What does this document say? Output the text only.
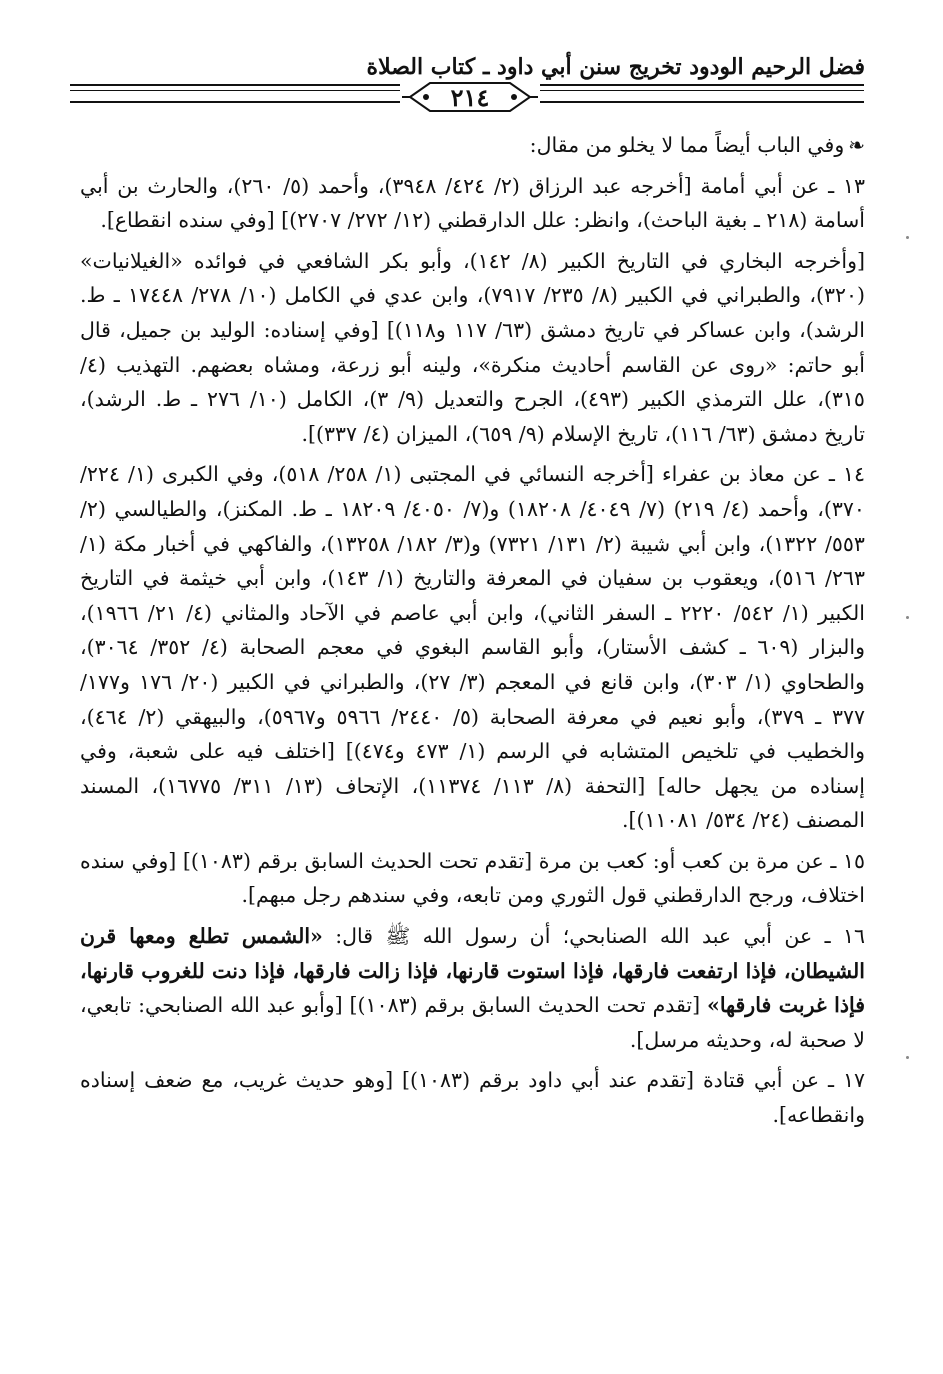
فضل الرحيم الودود تخريج سنن أبي داود ـ كتاب الصلاة
٢١٤

❧وفي الباب أيضاً مما لا يخلو من مقال:

١٣ ـ عن أبي أمامة [أخرجه عبد الرزاق (٢/ ٤٢٤/ ٣٩٤٨)، وأحمد (٥/ ٢٦٠)، والحارث بن أبي أسامة (٢١٨ ـ بغية الباحث)، وانظر: علل الدارقطني (١٢/ ٢٧٢/ ٢٧٠٧)] [وفي سنده انقطاع].

[وأخرجه البخاري في التاريخ الكبير (٨/ ١٤٢)، وأبو بكر الشافعي في فوائده «الغيلانيات» (٣٢٠)، والطبراني في الكبير (٨/ ٢٣٥/ ٧٩١٧)، وابن عدي في الكامل (١٠/ ٢٧٨/ ١٧٤٤٨ ـ ط. الرشد)، وابن عساكر في تاريخ دمشق (٦٣/ ١١٧ و١١٨)] [وفي إسناده: الوليد بن جميل، قال أبو حاتم: «روى عن القاسم أحاديث منكرة»، ولينه أبو زرعة، ومشاه بعضهم. التهذيب (٤/ ٣١٥)، علل الترمذي الكبير (٤٩٣)، الجرح والتعديل (٩/ ٣)، الكامل (١٠/ ٢٧٦ ـ ط. الرشد)، تاريخ دمشق (٦٣/ ١١٦)، تاريخ الإسلام (٩/ ٦٥٩)، الميزان (٤/ ٣٣٧)].

١٤ ـ عن معاذ بن عفراء [أخرجه النسائي في المجتبى (١/ ٢٥٨/ ٥١٨)، وفي الكبرى (١/ ٢٢٤/ ٣٧٠)، وأحمد (٤/ ٢١٩) (٧/ ٤٠٤٩/ ١٨٢٠٨) و(٧/ ٤٠٥٠/ ١٨٢٠٩ ـ ط. المكنز)، والطيالسي (٢/ ٥٥٣/ ١٣٢٢)، وابن أبي شيبة (٢/ ١٣١/ ٧٣٢١) و(٣/ ١٨٢/ ١٣٢٥٨)، والفاكهي في أخبار مكة (١/ ٢٦٣/ ٥١٦)، ويعقوب بن سفيان في المعرفة والتاريخ (١/ ١٤٣)، وابن أبي خيثمة في التاريخ الكبير (١/ ٥٤٢/ ٢٢٢٠ ـ السفر الثاني)، وابن أبي عاصم في الآحاد والمثاني (٤/ ٢١/ ١٩٦٦)، والبزار (٦٠٩ ـ كشف الأستار)، وأبو القاسم البغوي في معجم الصحابة (٤/ ٣٥٢/ ٣٠٦٤)، والطحاوي (١/ ٣٠٣)، وابن قانع في المعجم (٣/ ٢٧)، والطبراني في الكبير (٢٠/ ١٧٦ و١٧٧/ ٣٧٧ ـ ٣٧٩)، وأبو نعيم في معرفة الصحابة (٥/ ٢٤٤٠/ ٥٩٦٦ و٥٩٦٧)، والبيهقي (٢/ ٤٦٤)، والخطيب في تلخيص المتشابه في الرسم (١/ ٤٧٣ و٤٧٤)] [اختلف فيه على شعبة، وفي إسناده من يجهل حاله] [التحفة (٨/ ١١٣/ ١١٣٧٤)، الإتحاف (١٣/ ٣١١/ ١٦٧٧٥)، المسند المصنف (٢٤/ ٥٣٤/ ١١٠٨١)].

١٥ ـ عن مرة بن كعب أو: كعب بن مرة [تقدم تحت الحديث السابق برقم (١٠٨٣)] [وفي سنده اختلاف، ورجح الدارقطني قول الثوري ومن تابعه، وفي سندهم رجل مبهم].

١٦ ـ عن أبي عبد الله الصنابحي؛ أن رسول الله ﷺ قال: «الشمس تطلع ومعها قرن الشيطان، فإذا ارتفعت فارقها، فإذا استوت قارنها، فإذا زالت فارقها، فإذا دنت للغروب قارنها، فإذا غربت فارقها» [تقدم تحت الحديث السابق برقم (١٠٨٣)] [وأبو عبد الله الصنابحي: تابعي، لا صحبة له، وحديثه مرسل].

١٧ ـ عن أبي قتادة [تقدم عند أبي داود برقم (١٠٨٣)] [وهو حديث غريب، مع ضعف إسناده وانقطاعه].
